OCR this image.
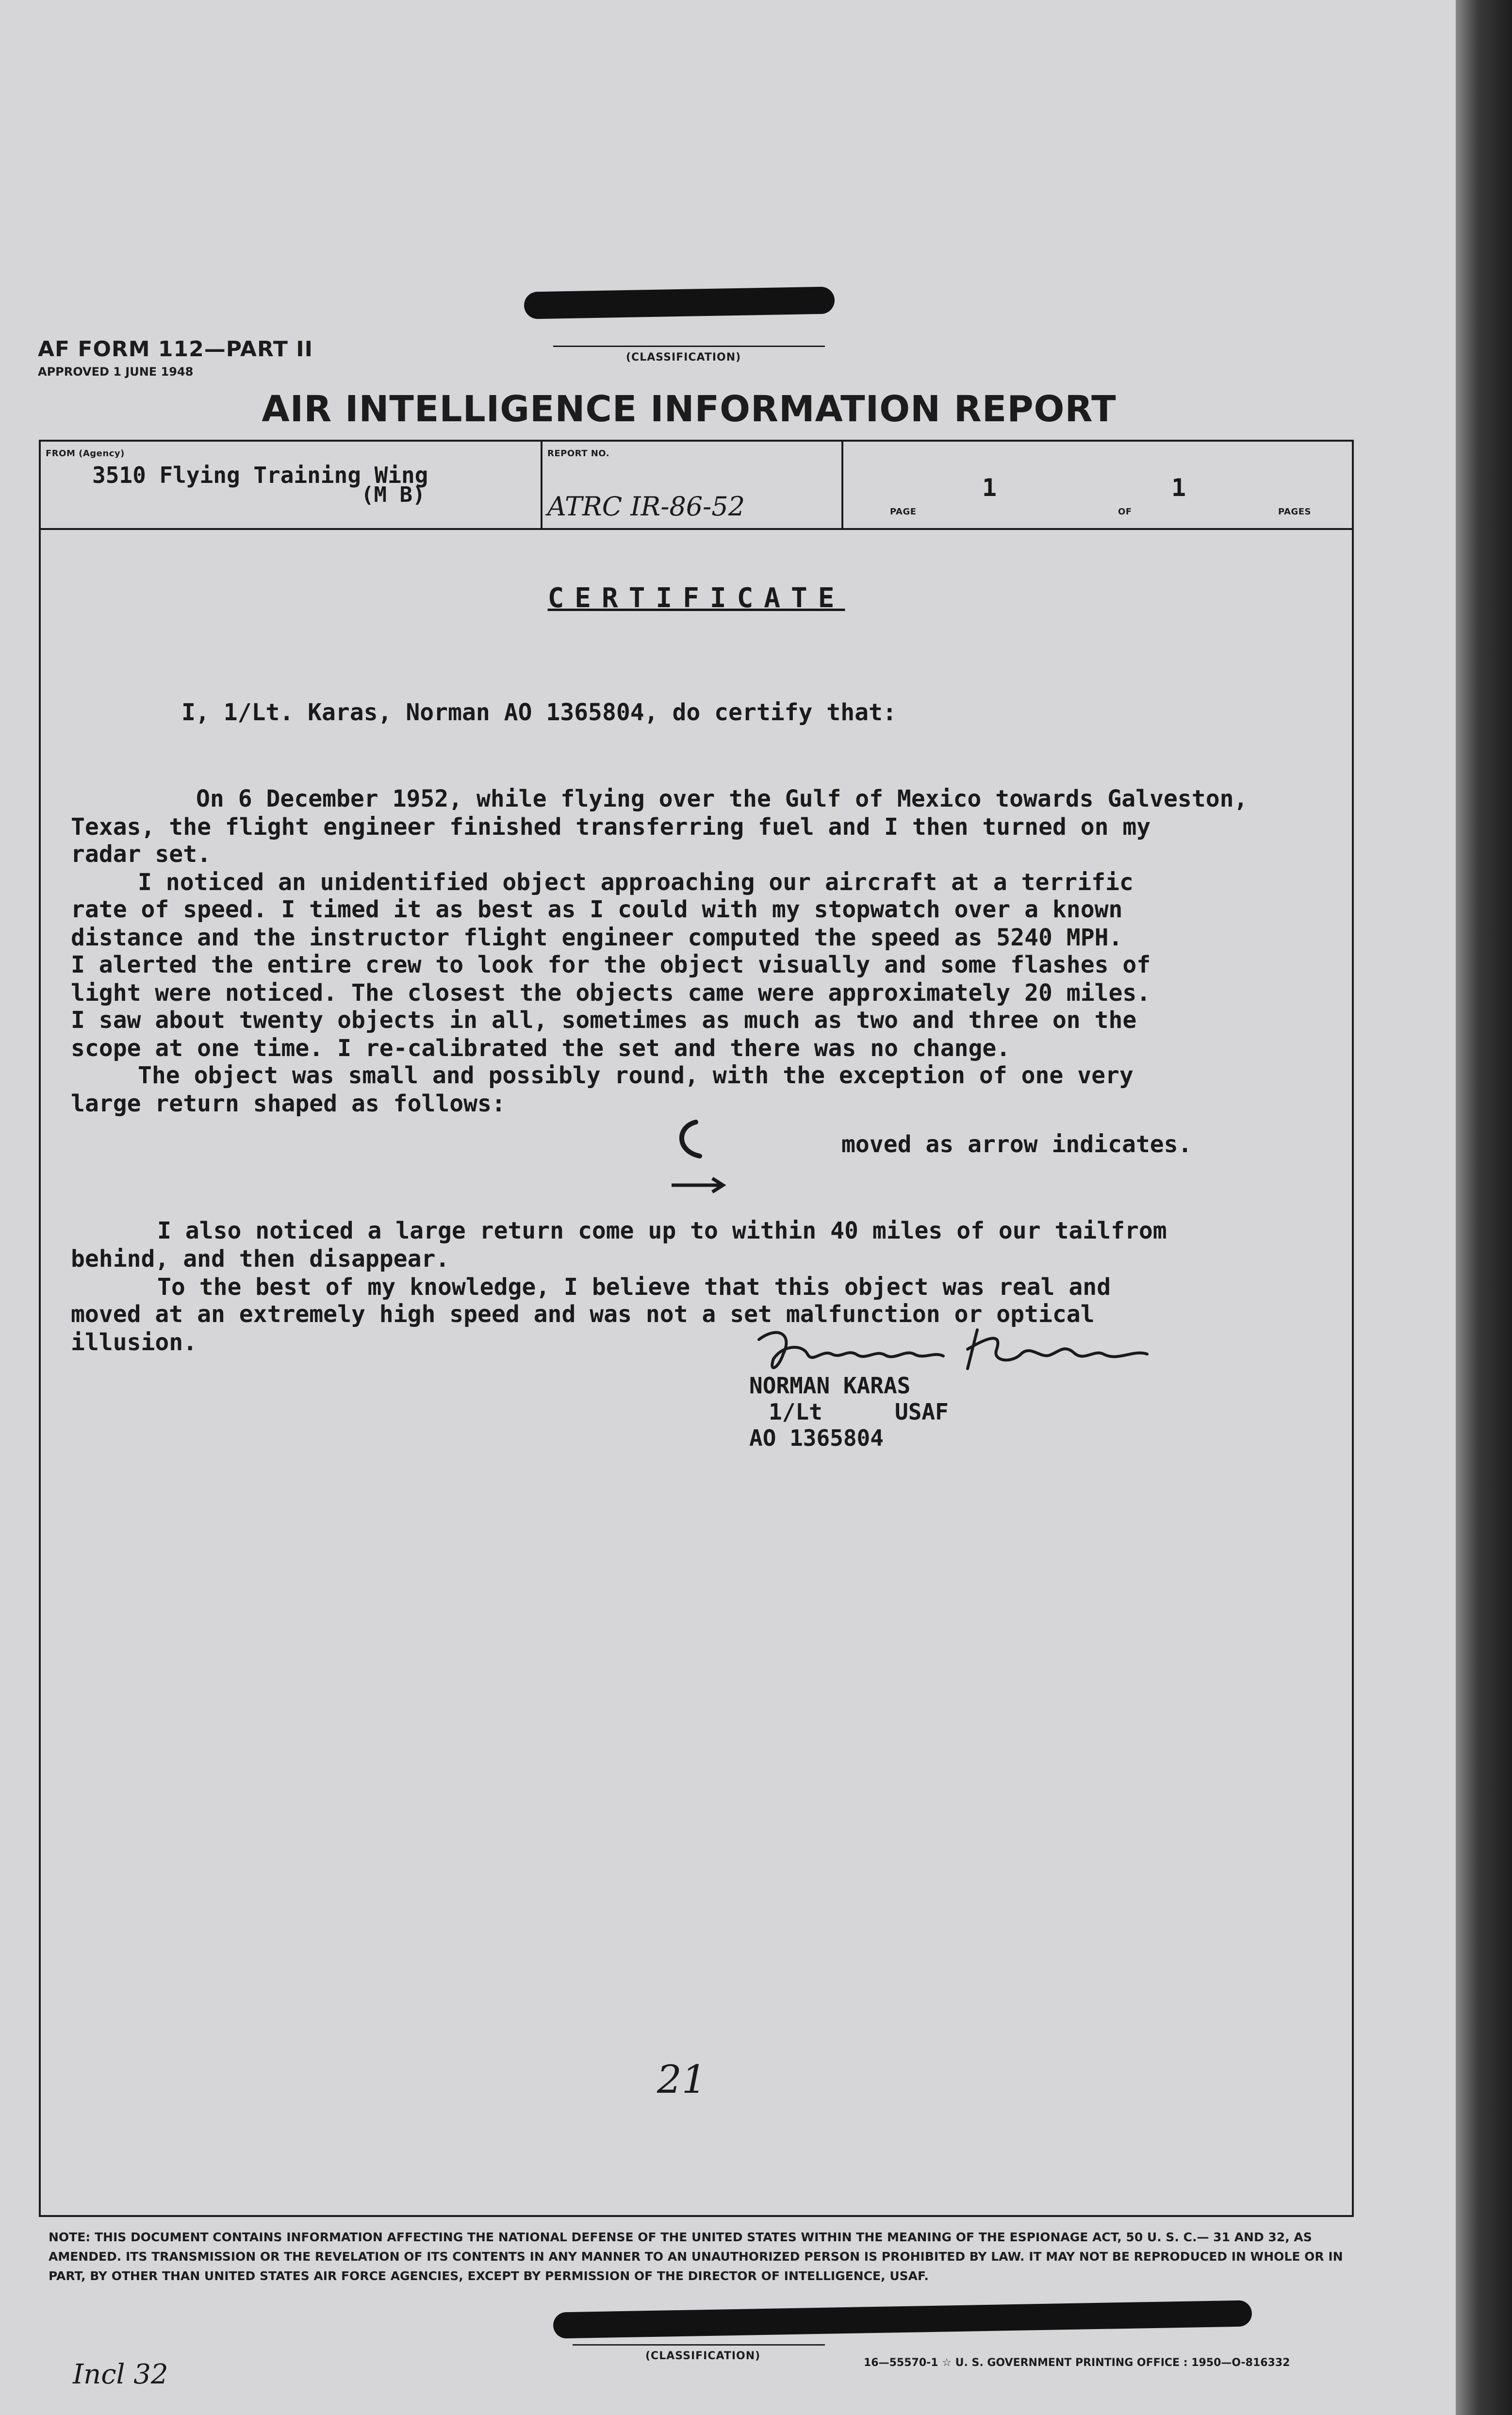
(CLASSIFICATION)
AF FORM 112—PART II
APPROVED 1 JUNE 1948
AIR INTELLIGENCE INFORMATION REPORT
FROM (Agency)
3510 Flying Training Wing
(M B)
REPORT NO.
ATRC IR-86-52	PAGE
1
OF
1
PAGES
CERTIFICATE
I, 1/Lt. Karas, Norman AO 1365804, do certify that:
On 6 December 1952, while flying over the Gulf of Mexico towards Galveston,
Texas, the flight engineer finished transferring fuel and I then turned on my
radar set.
I noticed an unidentified object approaching our aircraft at a terrific
rate of speed. I timed it as best as I could with my stopwatch over a known
distance and the instructor flight engineer computed the speed as 5240 MPH.
I alerted the entire crew to look for the object visually and some flashes of
light were noticed. The closest the objects came were approximately 20 miles.
I saw about twenty objects in all, sometimes as much as two and three on the
scope at one time. I re-calibrated the set and there was no change.
The object was small and possibly round, with the exception of one very
large return shaped as follows:
moved as arrow indicates.
I also noticed a large return come up to within 40 miles of our tailfrom
behind, and then disappear.
To the best of my knowledge, I believe that this object was real and
moved at an extremely high speed and was not a set malfunction or optical
illusion.
NORMAN KARAS
1/Lt	USAF
AO 1365804
21
NOTE: THIS DOCUMENT CONTAINS INFORMATION AFFECTING THE NATIONAL DEFENSE OF THE UNITED STATES WITHIN THE MEANING OF THE ESPIONAGE ACT, 50 U. S. C.— 31 AND 32, AS AMENDED. ITS TRANSMISSION OR THE REVELATION OF ITS CONTENTS IN ANY MANNER TO AN UNAUTHORIZED PERSON IS PROHIBITED BY LAW. IT MAY NOT BE REPRODUCED IN WHOLE OR IN PART, BY OTHER THAN UNITED STATES AIR FORCE AGENCIES, EXCEPT BY PERMISSION OF THE DIRECTOR OF INTELLIGENCE, USAF.
(CLASSIFICATION)
16—55570-1 ☆ U. S. GOVERNMENT PRINTING OFFICE : 1950—O-816332
Incl 32
